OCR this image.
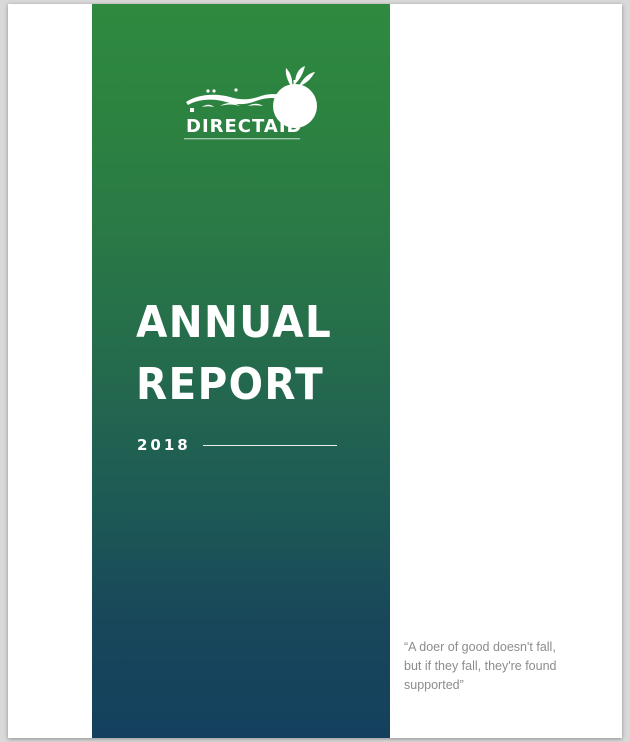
DIRECTAID
ANNUAL
REPORT
2018
“A doer of good doesn't fall,
but if they fall, they're found
supported”
